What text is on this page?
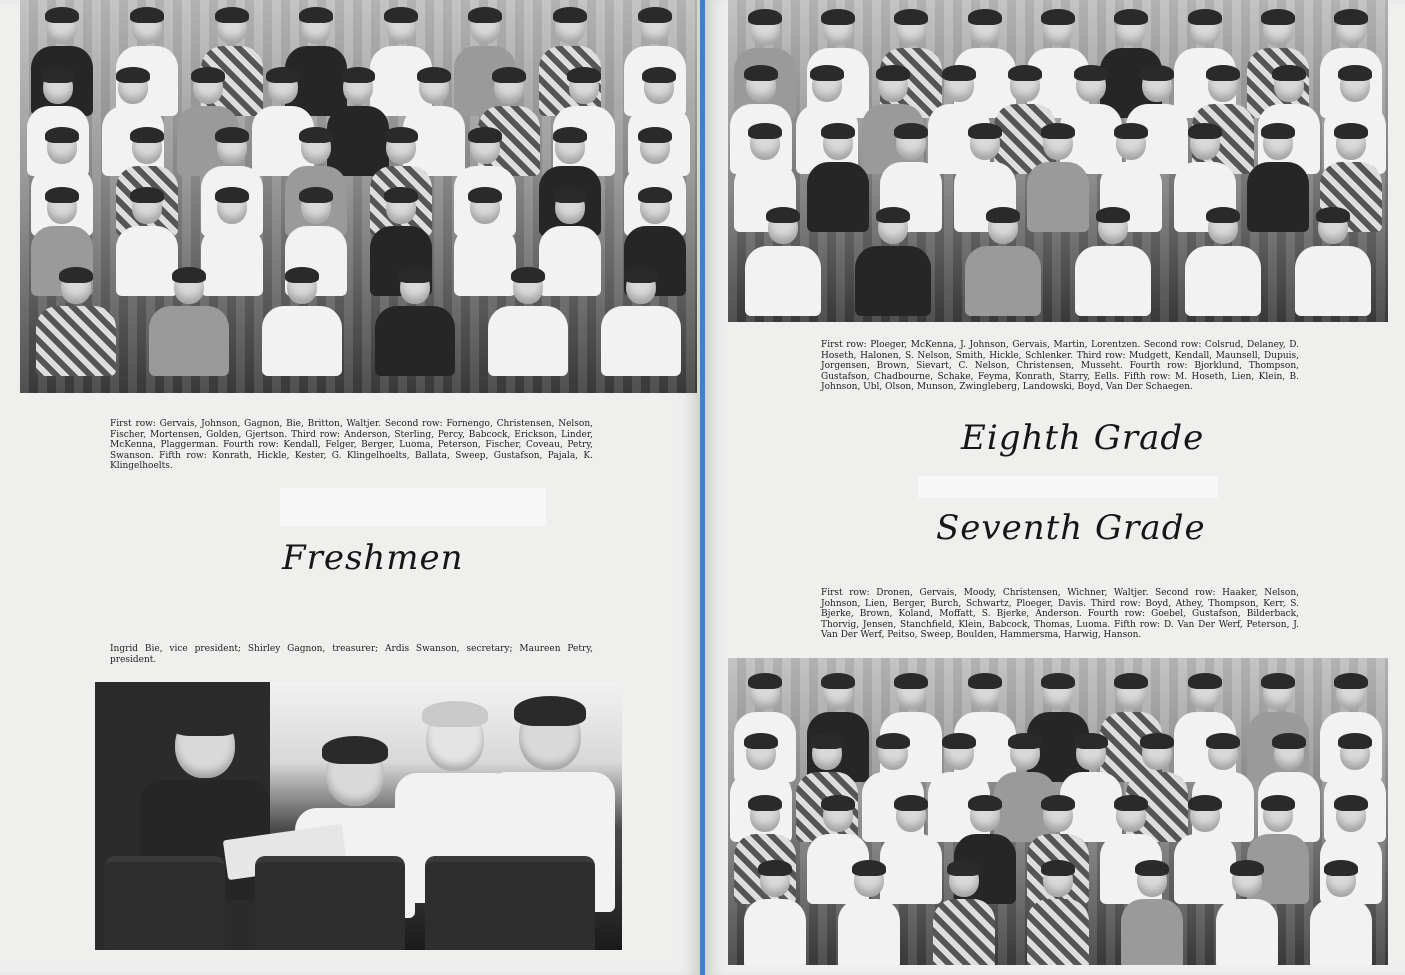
First row: Gervais, Johnson, Gagnon, Bie, Britton, Waltjer. Second row: Fornengo, Christensen, Nelson, Fischer, Mortensen, Golden, Gjertson. Third row: Anderson, Sterling, Percy, Babcock, Erickson, Linder, McKenna, Plaggerman. Fourth row: Kendall, Felger, Berger, Luoma, Peterson, Fischer, Coveau, Petry, Swanson. Fifth row: Konrath, Hickle, Kester, G. Klingelhoelts, Ballata, Sweep, Gustafson, Pajala, K. Klingelhoelts.

Freshmen

Ingrid Bie, vice president; Shirley Gagnon, treasurer; Ardis Swanson, secretary; Maureen Petry, president.

First row: Ploeger, McKenna, J. Johnson, Gervais, Martin, Lorentzen. Second row: Colsrud, Delaney, D. Hoseth, Halonen, S. Nelson, Smith, Hickle, Schlenker. Third row: Mudgett, Kendall, Maunsell, Dupuis, Jorgensen, Brown, Sievart, C. Nelson, Christensen, Musseht. Fourth row: Bjorklund, Thompson, Gustafson, Chadbourne, Schake, Feyma, Konrath, Starry, Eells. Fifth row: M. Hoseth, Lien, Klein, B. Johnson, Ubl, Olson, Munson, Zwingleberg, Landowski, Boyd, Van Der Schaegen.

Eighth Grade
Seventh Grade

First row: Dronen, Gervais, Moody, Christensen, Wichner, Waltjer. Second row: Haaker, Nelson, Johnson, Lien, Berger, Burch, Schwartz, Ploeger, Davis. Third row: Boyd, Athey, Thompson, Kerr, S. Bjerke, Brown, Koland, Moffatt, S. Bjerke, Anderson. Fourth row: Goebel, Gustafson, Bilderback, Thorvig, Jensen, Stanchfield, Klein, Babcock, Thomas, Luoma. Fifth row: D. Van Der Werf, Peterson, J. Van Der Werf, Peitso, Sweep, Boulden, Hammersma, Harwig, Hanson.
